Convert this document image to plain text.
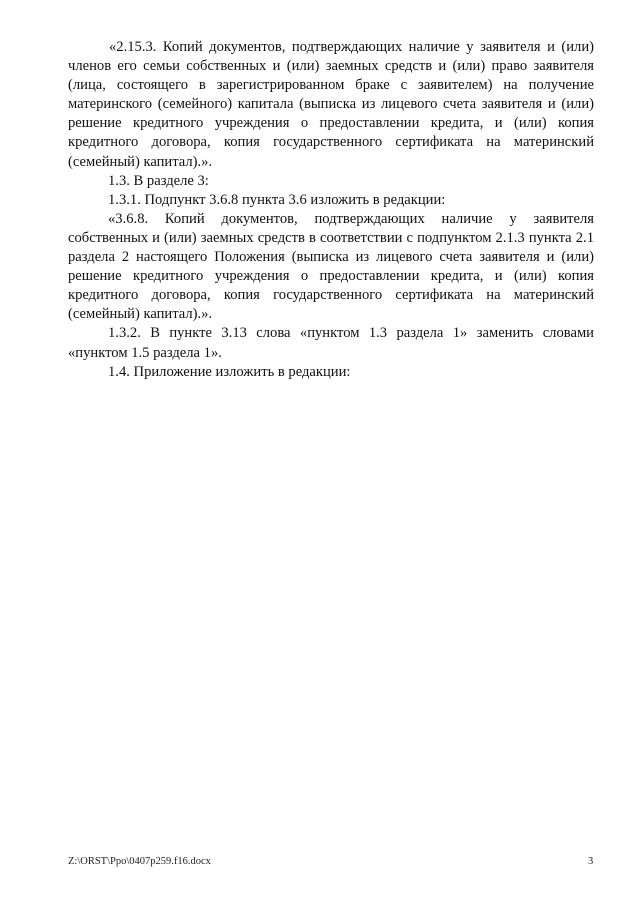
«2.15.3. Копий документов, подтверждающих наличие у заявителя и (или) членов его семьи собственных и (или) заемных средств и (или) право заявителя (лица, состоящего в зарегистрированном браке с заявителем) на получение материнского (семейного) капитала (выписка из лицевого счета заявителя и (или) решение кредитного учреждения о предоставлении кредита, и (или) копия кредитного договора, копия государственного сертификата на материнский (семейный) капитал).».

1.3. В разделе 3:

1.3.1. Подпункт 3.6.8 пункта 3.6 изложить в редакции:

«3.6.8. Копий документов, подтверждающих наличие у заявителя собственных и (или) заемных средств в соответствии с подпунктом 2.1.3 пункта 2.1 раздела 2 настоящего Положения (выписка из лицевого счета заявителя и (или) решение кредитного учреждения о предоставлении кредита, и (или) копия кредитного договора, копия государственного сертификата на материнский (семейный) капитал).».

1.3.2. В пункте 3.13 слова «пунктом 1.3 раздела 1» заменить словами «пунктом 1.5 раздела 1».

1.4. Приложение изложить в редакции:

Z:\ORST\Ppo\0407p259.f16.docx	3
